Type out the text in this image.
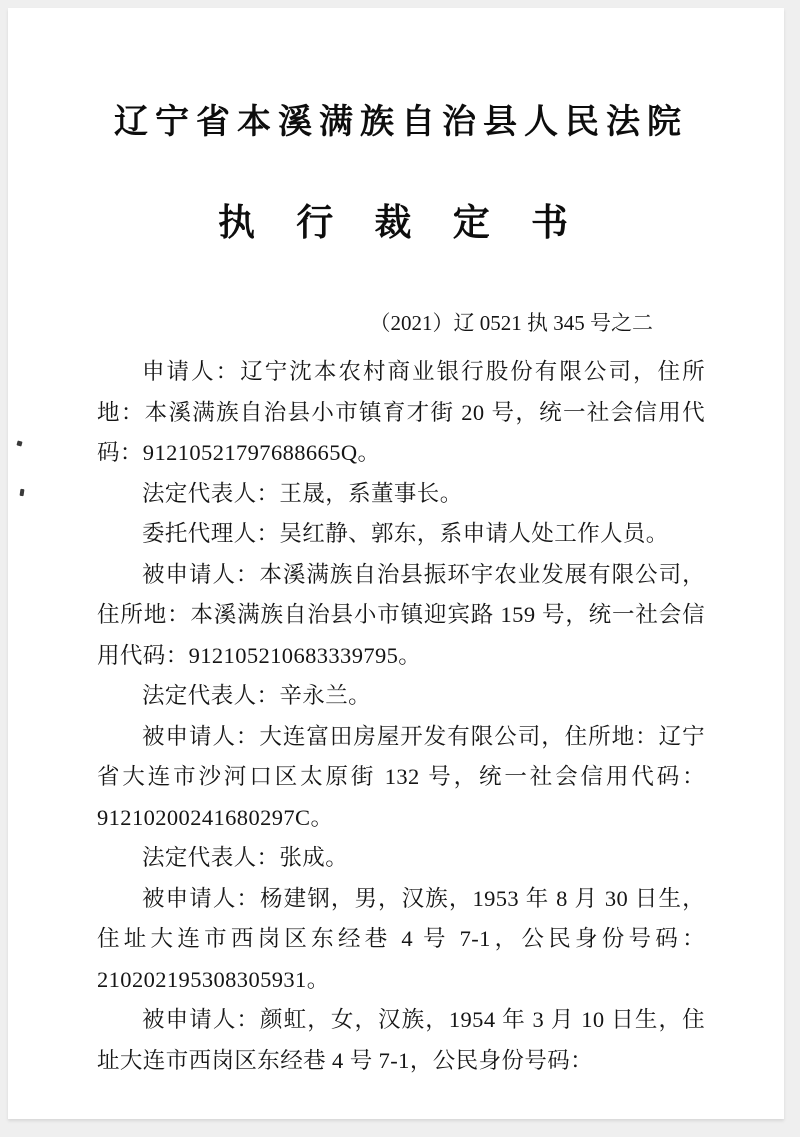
辽宁省本溪满族自治县人民法院
执 行 裁 定 书
（2021）辽 0521 执 345 号之二

申请人：辽宁沈本农村商业银行股份有限公司，住所地：本溪满族自治县小市镇育才街 20 号，统一社会信用代码：91210521797688665Q。

法定代表人：王晟，系董事长。

委托代理人：吴红静、郭东，系申请人处工作人员。

被申请人：本溪满族自治县振环宇农业发展有限公司，住所地：本溪满族自治县小市镇迎宾路 159 号，统一社会信用代码：912105210683339795。

法定代表人：辛永兰。

被申请人：大连富田房屋开发有限公司，住所地：辽宁省大连市沙河口区太原街 132 号，统一社会信用代码：91210200241680297C。

法定代表人：张成。

被申请人：杨建钢，男，汉族，1953 年 8 月 30 日生，住址大连市西岗区东经巷 4 号 7-1，公民身份号码：210202195308305931。

被申请人：颜虹，女，汉族，1954 年 3 月 10 日生，住址大连市西岗区东经巷 4 号 7-1，公民身份号码：
